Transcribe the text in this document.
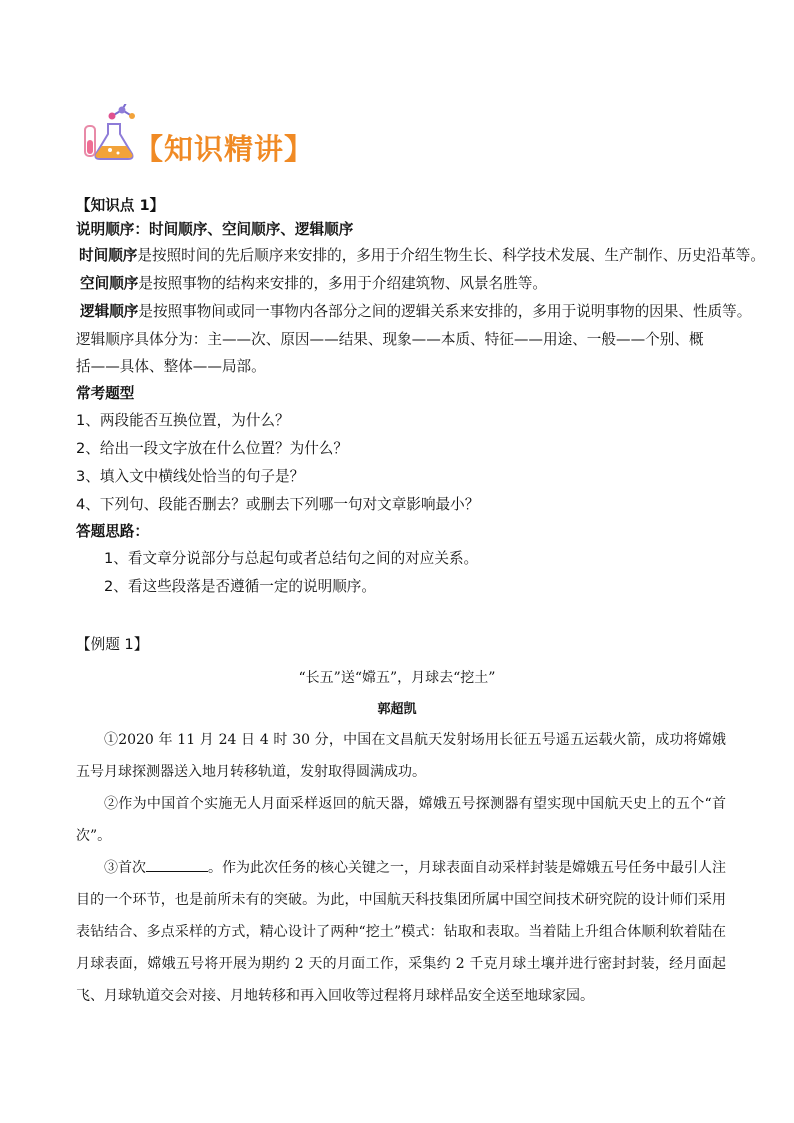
【知识精讲】
【知识点 1】
说明顺序：时间顺序、空间顺序、逻辑顺序
时间顺序是按照时间的先后顺序来安排的，多用于介绍生物生长、科学技术发展、生产制作、历史沿革等。
空间顺序是按照事物的结构来安排的，多用于介绍建筑物、风景名胜等。
逻辑顺序是按照事物间或同一事物内各部分之间的逻辑关系来安排的，多用于说明事物的因果、性质等。
逻辑顺序具体分为：主——次、原因——结果、现象——本质、特征——用途、一般——个别、概
括——具体、整体——局部。
常考题型
1、两段能否互换位置，为什么？
2、给出一段文字放在什么位置？为什么？
3、填入文中横线处恰当的句子是？
4、下列句、段能否删去？或删去下列哪一句对文章影响最小？
答题思路：
1、看文章分说部分与总起句或者总结句之间的对应关系。
2、看这些段落是否遵循一定的说明顺序。
【例题 1】
“长五”送“嫦五”，月球去“挖土”
郭超凯
①2020 年 11 月 24 日 4 时 30 分，中国在文昌航天发射场用长征五号遥五运载火箭，成功将嫦娥五号月球探测器送入地月转移轨道，发射取得圆满成功。
②作为中国首个实施无人月面采样返回的航天器，嫦娥五号探测器有望实现中国航天史上的五个“首次”。
③首次	。作为此次任务的核心关键之一，月球表面自动采样封装是嫦娥五号任务中最引人注目的一个环节，也是前所未有的突破。为此，中国航天科技集团所属中国空间技术研究院的设计师们采用表钻结合、多点采样的方式，精心设计了两种“挖土”模式：钻取和表取。当着陆上升组合体顺利软着陆在月球表面，嫦娥五号将开展为期约 2 天的月面工作，采集约 2 千克月球土壤并进行密封封装，经月面起飞、月球轨道交会对接、月地转移和再入回收等过程将月球样品安全送至地球家园。
